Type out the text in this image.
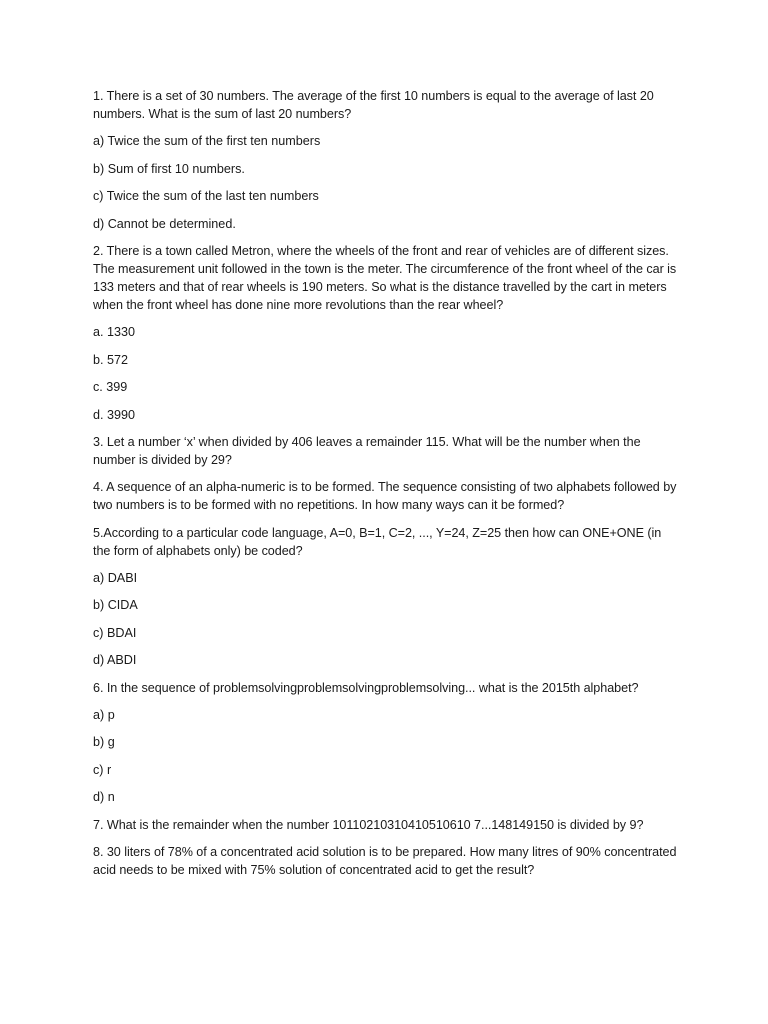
1. There is a set of 30 numbers. The average of the first 10 numbers is equal to the average of last 20 numbers. What is the sum of last 20 numbers?

a) Twice the sum of the first ten numbers

b) Sum of first 10 numbers.

c) Twice the sum of the last ten numbers

d) Cannot be determined.

2. There is a town called Metron, where the wheels of the front and rear of vehicles are of different sizes. The measurement unit followed in the town is the meter. The circumference of the front wheel of the car is 133 meters and that of rear wheels is 190 meters. So what is the distance travelled by the cart in meters when the front wheel has done nine more revolutions than the rear wheel?

a. 1330

b. 572

c. 399

d. 3990

3. Let a number ‘x’ when divided by 406 leaves a remainder 115. What will be the number when the number is divided by 29?

4. A sequence of an alpha-numeric is to be formed. The sequence consisting of two alphabets followed by two numbers is to be formed with no repetitions. In how many ways can it be formed?

5.According to a particular code language, A=0, B=1, C=2, ..., Y=24, Z=25 then how can ONE+ONE (in the form of alphabets only) be coded?

a) DABI

b) CIDA

c) BDAI

d) ABDI

6. In the sequence of problemsolvingproblemsolvingproblemsolving... what is the 2015th alphabet?

a) p

b) g

c) r

d) n

7. What is the remainder when the number 10110210310410510610 7...148149150 is divided by 9?

8. 30 liters of 78% of a concentrated acid solution is to be prepared. How many litres of 90% concentrated acid needs to be mixed with 75% solution of concentrated acid to get the result?
